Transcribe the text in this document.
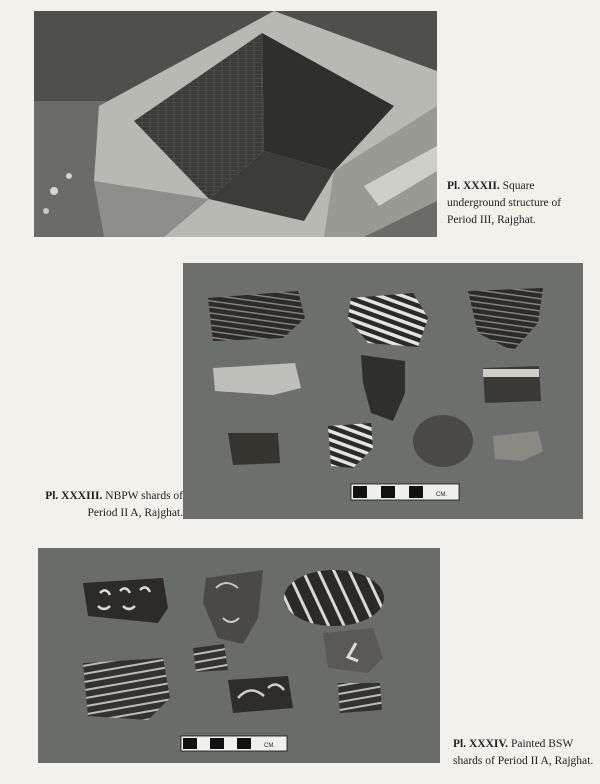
Pl. XXXII. Square
underground structure of
Period III, Rajghat.
CM.
Pl. XXXIII. NBPW shards of
Period II A, Rajghat.
CM.	Pl. XXXIV. Painted BSW
shards of Period II A, Rajghat.
